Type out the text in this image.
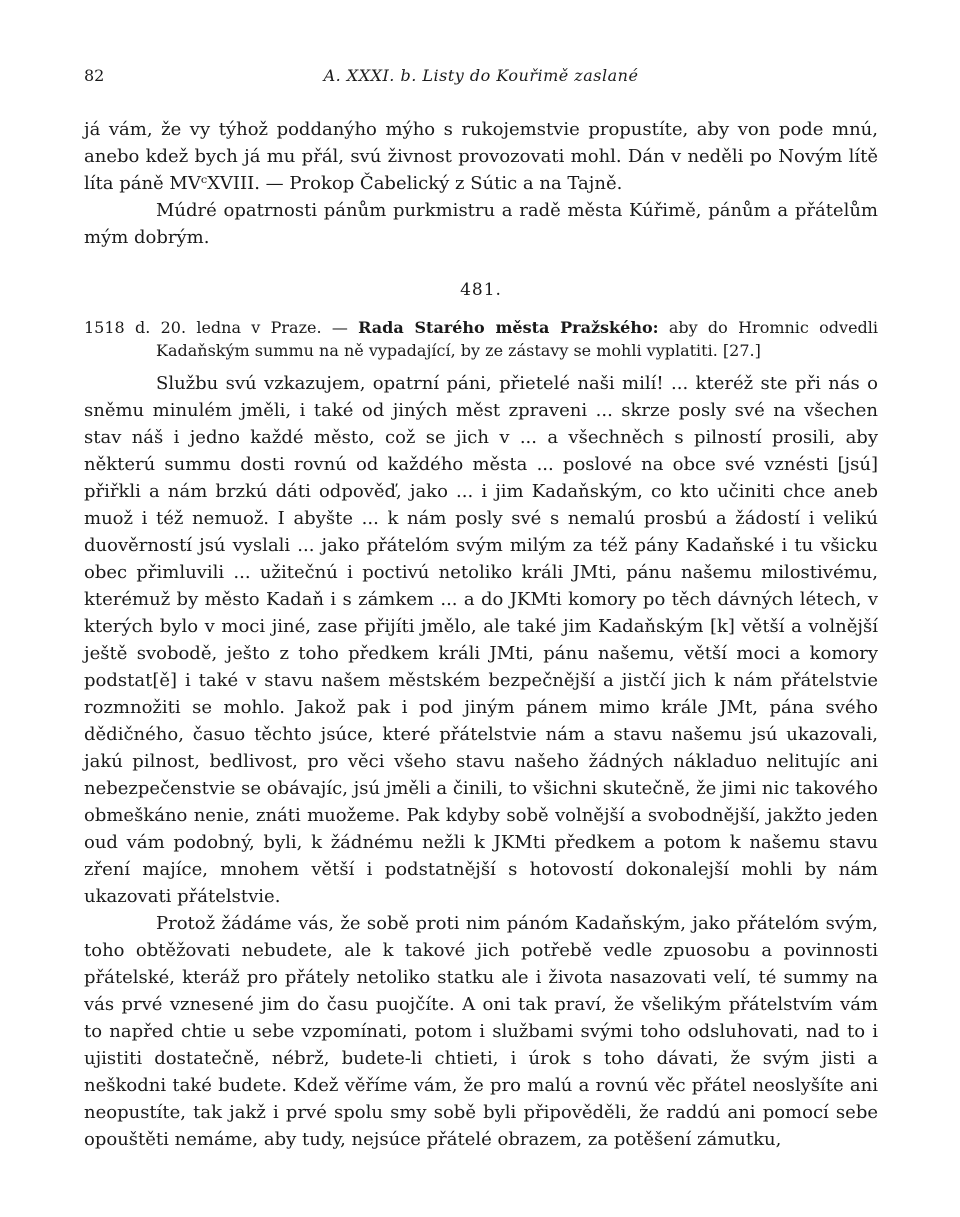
82	A. XXXI. b. Listy do Kouřimě zaslané

já vám, že vy týhož poddanýho mýho s rukojemstvie propustíte, aby von pode mnú, anebo kdež bych já mu přál, svú živnost provozovati mohl. Dán v neděli po Novým lítě líta páně MVᶜXVIII. — Prokop Čabelický z Sútic a na Tajně.

Múdré opatrnosti pánům purkmistru a radě města Kúřimě, pánům a přátelům mým dobrým.

481.
1518 d. 20. ledna v Praze. — Rada Starého města Pražského: aby do Hromnic odvedli Kadaňským summu na ně vypadající, by ze zástavy se mohli vyplatiti. [27.]

Službu svú vzkazujem, opatrní páni, přietelé naši milí! ... kteréž ste při nás o sněmu minulém jměli, i také od jiných měst zpraveni ... skrze posly své na všechen stav náš i jedno každé město, což se jich v ... a všechněch s pilností prosili, aby některú summu dosti rovnú od každého města ... poslové na obce své vznésti [jsú] přiřkli a nám brzkú dáti odpověď, jako ... i jim Kadaňským, co kto učiniti chce aneb muož i též nemuož. I abyšte ... k nám posly své s nemalú prosbú a žádostí i velikú duověrností jsú vyslali ... jako přátelóm svým milým za též pány Kadaňské i tu všicku obec přimluvili ... užitečnú i poctivú netoliko králi JMti, pánu našemu milostivému, kterémuž by město Kadaň i s zámkem ... a do JKMti komory po těch dávných létech, v kterých bylo v moci jiné, zase přijíti jmělo, ale také jim Kadaňským [k] větší a volnější ještě svobodě, ješto z toho předkem králi JMti, pánu našemu, větší moci a komory podstat[ě] i také v stavu našem městském bezpečnější a jistčí jich k nám přátelstvie rozmnožiti se mohlo. Jakož pak i pod jiným pánem mimo krále JMt, pána svého dědičného, časuo těchto jsúce, které přátelstvie nám a stavu našemu jsú ukazovali, jakú pilnost, bedlivost, pro věci všeho stavu našeho žádných nákladuo nelitujíc ani nebezpečenstvie se obávajíc, jsú jměli a činili, to všichni skutečně, že jimi nic takového obmeškáno nenie, znáti muožeme. Pak kdyby sobě volnější a svobodnější, jakžto jeden oud vám podobný, byli, k žádnému nežli k JKMti předkem a potom k našemu stavu zření majíce, mnohem větší i podstatnější s hotovostí dokonalejší mohli by nám ukazovati přátelstvie.

Protož žádáme vás, že sobě proti nim pánóm Kadaňským, jako přátelóm svým, toho obtěžovati nebudete, ale k takové jich potřebě vedle zpuosobu a povinnosti přátelské, kteráž pro přátely netoliko statku ale i života nasazovati velí, té summy na vás prvé vznesené jim do času puojčíte. A oni tak praví, že všelikým přátelstvím vám to napřed chtie u sebe vzpomínati, potom i službami svými toho odsluhovati, nad to i ujistiti dostatečně, nébrž, budete-li chtieti, i úrok s toho dávati, že svým jisti a neškodni také budete. Kdež věříme vám, že pro malú a rovnú věc přátel neoslyšíte ani neopustíte, tak jakž i prvé spolu smy sobě byli připověděli, že raddú ani pomocí sebe opouštěti nemáme, aby tudy, nejsúce přátelé obrazem, za potěšení zámutku,
